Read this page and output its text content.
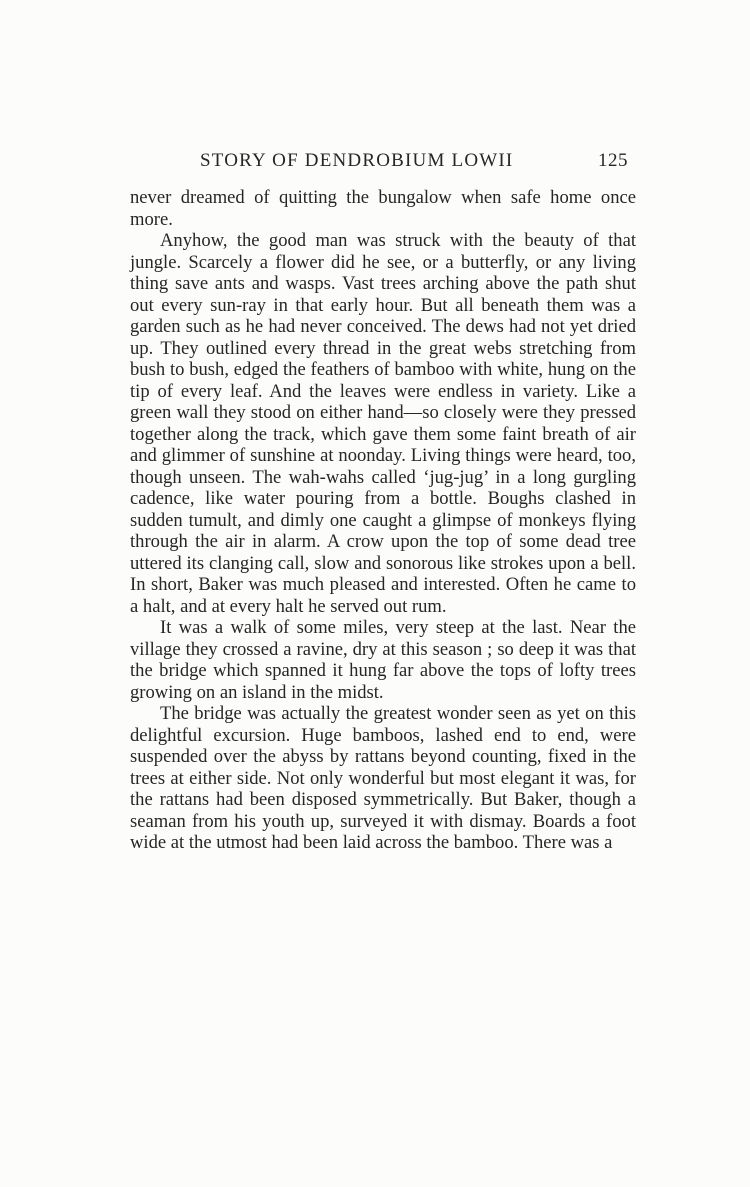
STORY OF DENDROBIUM LOWII	125

never dreamed of quitting the bungalow when safe home once more.

Anyhow, the good man was struck with the beauty of that jungle. Scarcely a flower did he see, or a butterfly, or any living thing save ants and wasps. Vast trees arching above the path shut out every sun-ray in that early hour. But all beneath them was a garden such as he had never conceived. The dews had not yet dried up. They outlined every thread in the great webs stretching from bush to bush, edged the feathers of bamboo with white, hung on the tip of every leaf. And the leaves were endless in variety. Like a green wall they stood on either hand—so closely were they pressed together along the track, which gave them some faint breath of air and glimmer of sunshine at noonday. Living things were heard, too, though unseen. The wah-wahs called ‘jug-jug’ in a long gurgling cadence, like water pouring from a bottle. Boughs clashed in sudden tumult, and dimly one caught a glimpse of monkeys flying through the air in alarm. A crow upon the top of some dead tree uttered its clanging call, slow and sonorous like strokes upon a bell. In short, Baker was much pleased and interested. Often he came to a halt, and at every halt he served out rum.

It was a walk of some miles, very steep at the last. Near the village they crossed a ravine, dry at this season ; so deep it was that the bridge which spanned it hung far above the tops of lofty trees growing on an island in the midst.

The bridge was actually the greatest wonder seen as yet on this delightful excursion. Huge bamboos, lashed end to end, were suspended over the abyss by rattans beyond counting, fixed in the trees at either side. Not only wonderful but most elegant it was, for the rattans had been disposed symmetrically. But Baker, though a seaman from his youth up, surveyed it with dismay. Boards a foot wide at the utmost had been laid across the bamboo. There was a
